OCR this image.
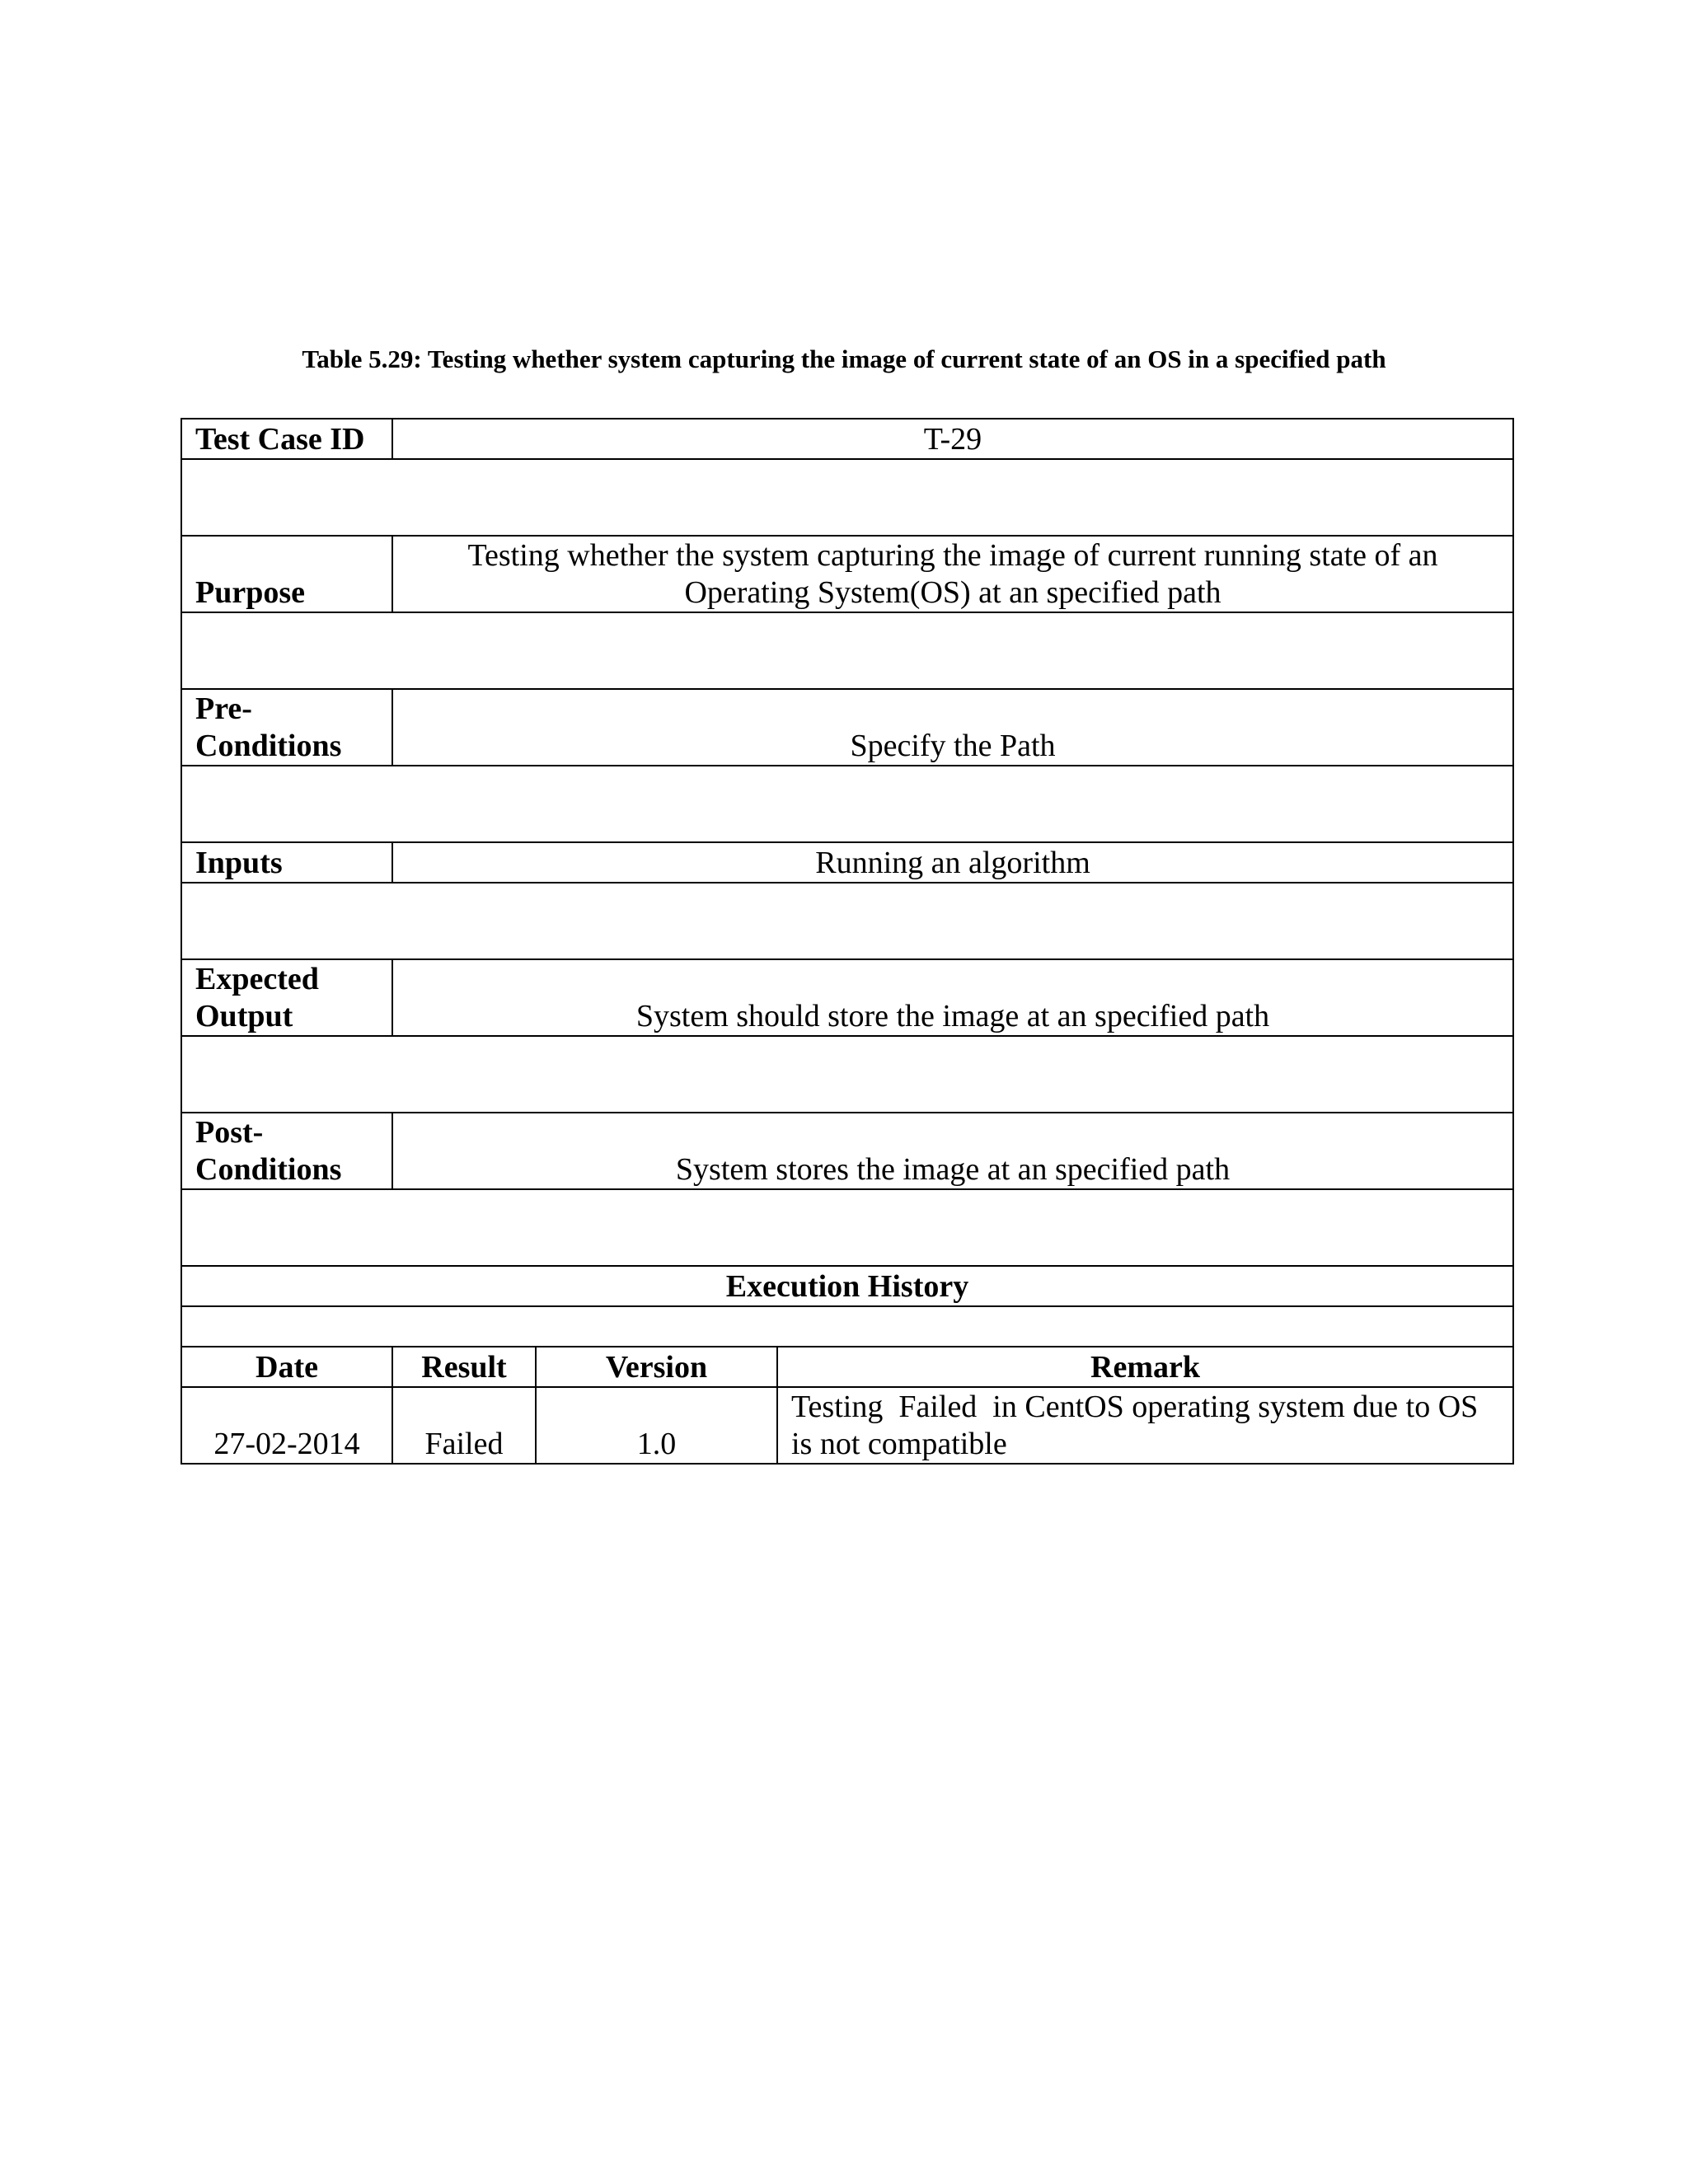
Table 5.29: Testing whether system capturing the image of current state of an OS in a specified path
Test Case ID	T-29		

Purpose	Testing whether the system capturing the image of current running state of an Operating System(OS) at an specified path		

Pre-
Conditions	Specify the Path		

Inputs	Running an algorithm		

Expected
Output	System should store the image at an specified path		

Post-
Conditions	System stores the image at an specified path		

Execution History			

Date	Result	Version	Remark
27-02-2014	Failed	1.0	Testing  Failed  in CentOS operating system due to OS is not compatible
